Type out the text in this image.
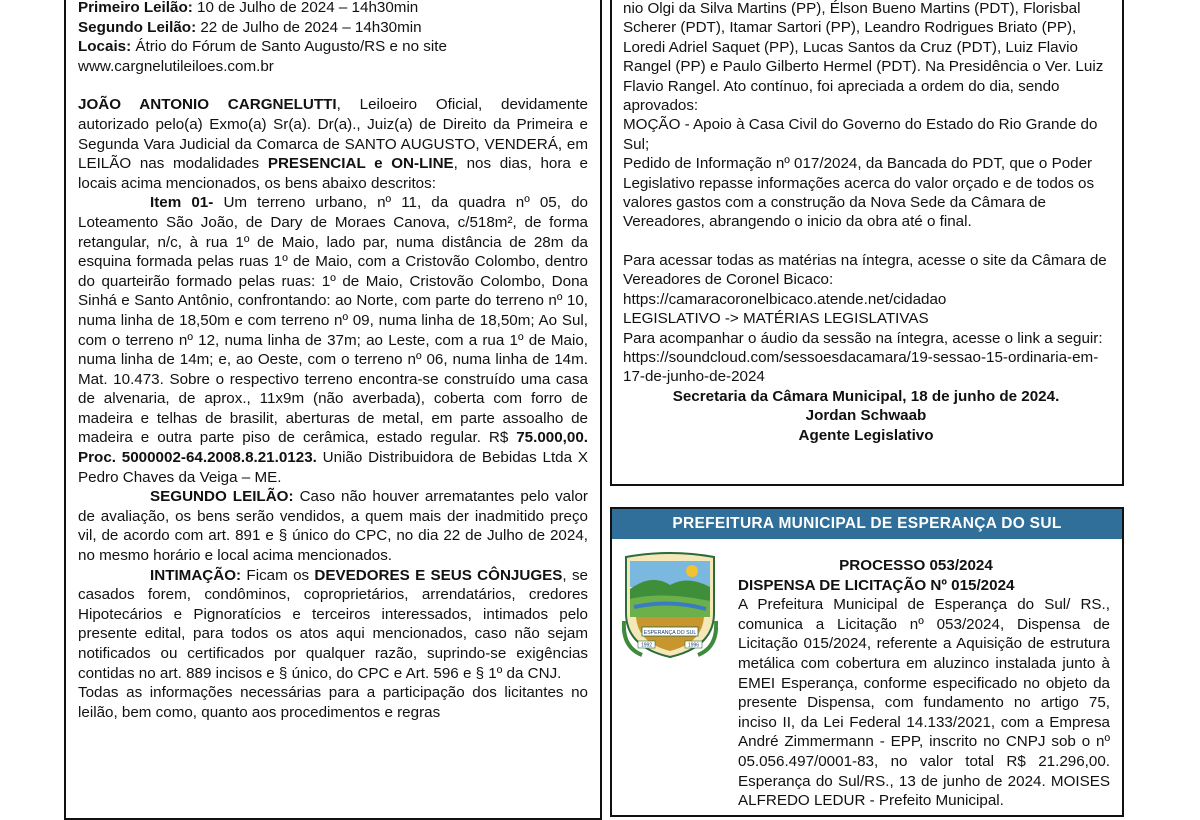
Primeiro Leilão: 10 de Julho de 2024 – 14h30min

Segundo Leilão: 22 de Julho de 2024 – 14h30min

Locais: Átrio do Fórum de Santo Augusto/RS e no site www.cargnelutileiloes.com.br

JOÃO ANTONIO CARGNELUTTI, Leiloeiro Oficial, devidamente autorizado pelo(a) Exmo(a) Sr(a). Dr(a)., Juiz(a) de Direito da Primeira e Segunda Vara Judicial da Comarca de SANTO AUGUSTO, VENDERÁ, em LEILÃO nas modalidades PRESENCIAL e ON-LINE, nos dias, hora e locais acima mencionados, os bens abaixo descritos:

Item 01- Um terreno urbano, nº 11, da quadra nº 05, do Loteamento São João, de Dary de Moraes Canova, c/518m², de forma retangular, n/c, à rua 1º de Maio, lado par, numa distância de 28m da esquina formada pelas ruas 1º de Maio, com a Cristovão Colombo, dentro do quarteirão formado pelas ruas: 1º de Maio, Cristovão Colombo, Dona Sinhá e Santo Antônio, confrontando: ao Norte, com parte do terreno nº 10, numa linha de 18,50m e com terreno nº 09, numa linha de 18,50m; Ao Sul, com o terreno nº 12, numa linha de 37m; ao Leste, com a rua 1º de Maio, numa linha de 14m; e, ao Oeste, com o terreno nº 06, numa linha de 14m. Mat. 10.473. Sobre o respectivo terreno encontra-se construído uma casa de alvenaria, de aprox., 11x9m (não averbada), coberta com forro de madeira e telhas de brasilit, aberturas de metal, em parte assoalho de madeira e outra parte piso de cerâmica, estado regular. R$ 75.000,00. Proc. 5000002-64.2008.8.21.0123. União Distribuidora de Bebidas Ltda X Pedro Chaves da Veiga – ME.

SEGUNDO LEILÃO: Caso não houver arrematantes pelo valor de avaliação, os bens serão vendidos, a quem mais der inadmitido preço vil, de acordo com art. 891 e § único do CPC, no dia 22 de Julho de 2024, no mesmo horário e local acima mencionados.

INTIMAÇÃO: Ficam os DEVEDORES E SEUS CÔNJUGES, se casados forem, condôminos, coproprietários, arrendatários, credores Hipotecários e Pignoratícios e terceiros interessados, intimados pelo presente edital, para todos os atos aqui mencionados, caso não sejam notificados ou certificados por qualquer razão, suprindo-se exigências contidas no art. 889 incisos e § único, do CPC e Art. 596 e § 1º da CNJ.

Todas as informações necessárias para a participação dos licitantes no leilão, bem como, quanto aos procedimentos e regras

nio Olgi da Silva Martins (PP), Élson Bueno Martins (PDT), Florisbal Scherer (PDT), Itamar Sartori (PP), Leandro Rodrigues Briato (PP), Loredi Adriel Saquet (PP), Lucas Santos da Cruz (PDT), Luiz Flavio Rangel (PP) e Paulo Gilberto Hermel (PDT). Na Presidência o Ver. Luiz Flavio Rangel. Ato contínuo, foi apreciada a ordem do dia, sendo aprovados:

MOÇÃO - Apoio à Casa Civil do Governo do Estado do Rio Grande do Sul;

Pedido de Informação nº 017/2024, da Bancada do PDT, que o Poder Legislativo repasse informações acerca do valor orçado e de todos os valores gastos com a construção da Nova Sede da Câmara de Vereadores, abrangendo o inicio da obra até o final.

Para acessar todas as matérias na íntegra, acesse o site da Câmara de Vereadores de Coronel Bicaco:

https://camaracoronelbicaco.atende.net/cidadao

LEGISLATIVO -> MATÉRIAS LEGISLATIVAS

Para acompanhar o áudio da sessão na íntegra, acesse o link a seguir:

https://soundcloud.com/sessoesdacamara/19-sessao-15-ordinaria-em-17-de-junho-de-2024

Secretaria da Câmara Municipal, 18 de junho de 2024.

Jordan Schwaab

Agente Legislativo

PREFEITURA MUNICIPAL DE ESPERANÇA DO SUL
ESPERANÇA DO SUL
1992	1996

PROCESSO 053/2024

DISPENSA DE LICITAÇÃO Nº 015/2024

A Prefeitura Municipal de Esperança do Sul/ RS., comunica a Licitação nº 053/2024, Dispensa de Licitação 015/2024, referente a Aquisição de estrutura metálica com cobertura em aluzinco instalada junto à EMEI Esperança, conforme especificado no objeto da presente Dispensa, com fundamento no artigo 75, inciso II, da Lei Federal 14.133/2021, com a Empresa André Zimmermann - EPP, inscrito no CNPJ sob o nº 05.056.497/0001-83, no valor total R$ 21.296,00. Esperança do Sul/RS., 13 de junho de 2024. MOISES ALFREDO LEDUR - Prefeito Municipal.
